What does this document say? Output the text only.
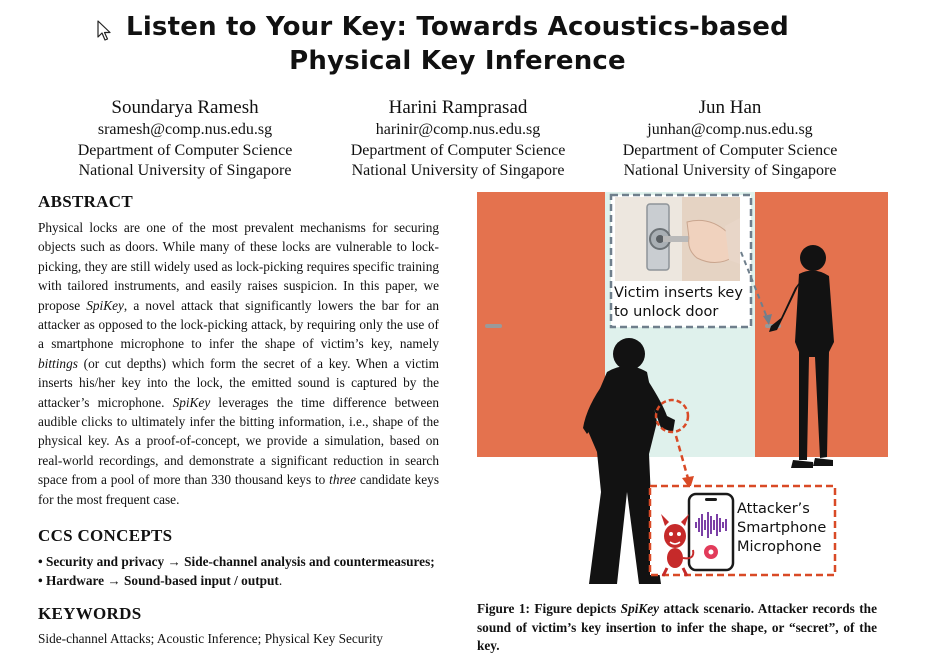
Listen to Your Key: Towards Acoustics-based
Physical Key Inference
Soundarya Ramesh
sramesh@comp.nus.edu.sg
Department of Computer Science
National University of Singapore
Harini Ramprasad
harinir@comp.nus.edu.sg
Department of Computer Science
National University of Singapore
Jun Han
junhan@comp.nus.edu.sg
Department of Computer Science
National University of Singapore
ABSTRACT

Physical locks are one of the most prevalent mechanisms for securing objects such as doors. While many of these locks are vulnerable to lock-picking, they are still widely used as lock-picking requires specific training with tailored instruments, and easily raises suspicion. In this paper, we propose SpiKey, a novel attack that significantly lowers the bar for an attacker as opposed to the lock-picking attack, by requiring only the use of a smartphone microphone to infer the shape of victim’s key, namely bittings (or cut depths) which form the secret of a key. When a victim inserts his/her key into the lock, the emitted sound is captured by the attacker’s microphone. SpiKey leverages the time difference between audible clicks to ultimately infer the bitting information, i.e., shape of the physical key. As a proof-of-concept, we provide a simulation, based on real-world recordings, and demonstrate a significant reduction in search space from a pool of more than 330 thousand keys to three candidate keys for the most frequent case.

CCS CONCEPTS

• Security and privacy → Side-channel analysis and countermeasures; • Hardware → Sound-based input / output.

KEYWORDS

Side-channel Attacks; Acoustic Inference; Physical Key Security

Victim inserts key
to unlock door
Attacker’s
Smartphone
Microphone

Figure 1: Figure depicts SpiKey attack scenario. Attacker records the sound of victim’s key insertion to infer the shape, or “secret”, of the key.
